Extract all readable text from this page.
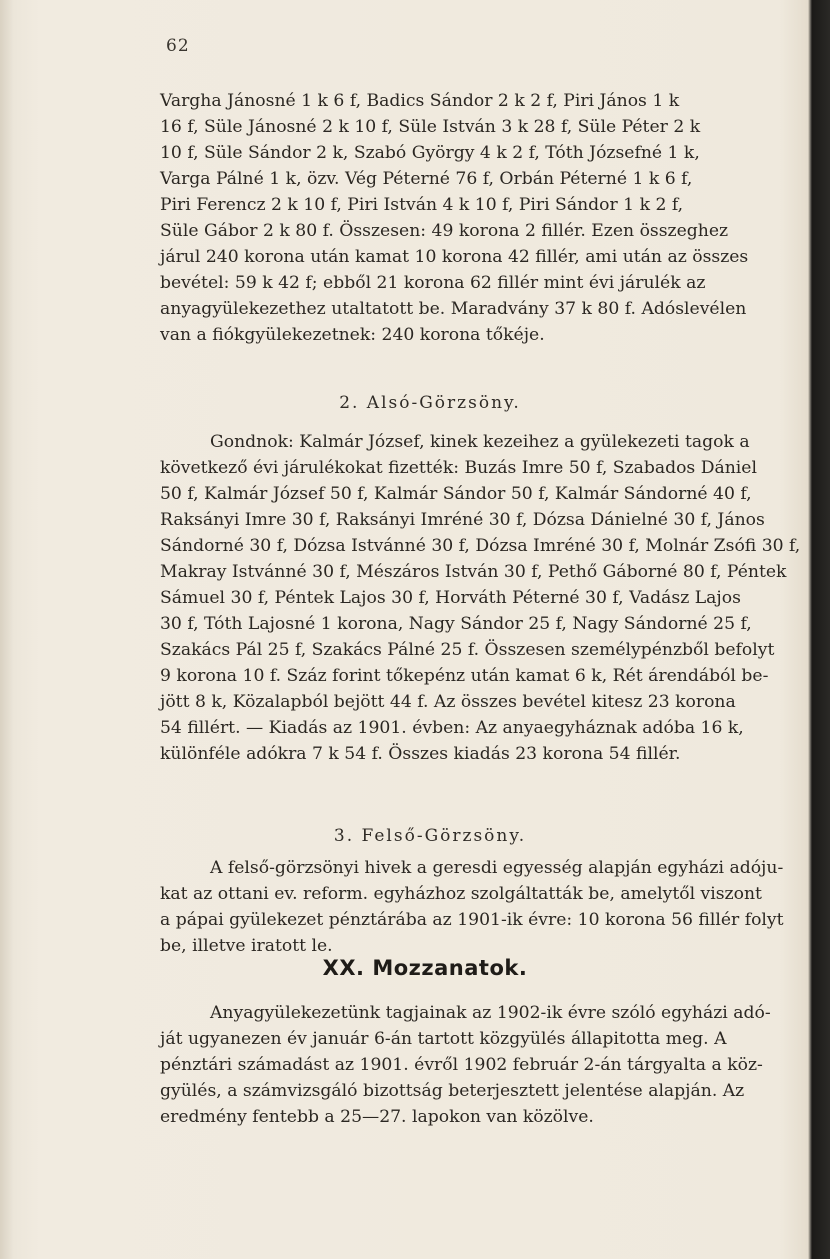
62

Vargha Jánosné 1 k 6 f, Badics Sándor 2 k 2 f, Piri János 1 k

16 f, Süle Jánosné 2 k 10 f, Süle István 3 k 28 f, Süle Péter 2 k

10 f, Süle Sándor 2 k, Szabó György 4 k 2 f, Tóth Józsefné 1 k,

Varga Pálné 1 k, özv. Vég Péterné 76 f, Orbán Péterné 1 k 6 f,

Piri Ferencz 2 k 10 f, Piri István 4 k 10 f, Piri Sándor 1 k 2 f,

Süle Gábor 2 k 80 f. Összesen: 49 korona 2 fillér. Ezen összeghez

járul 240 korona után kamat 10 korona 42 fillér, ami után az összes

bevétel: 59 k 42 f; ebből 21 korona 62 fillér mint évi járulék az

anyagyülekezethez utaltatott be. Maradvány 37 k 80 f. Adóslevélen

van a fiókgyülekezetnek: 240 korona tőkéje.

2. Alsó-Görzsöny.

Gondnok: Kalmár József, kinek kezeihez a gyülekezeti tagok a

következő évi járulékokat fizették: Buzás Imre 50 f, Szabados Dániel

50 f, Kalmár József 50 f, Kalmár Sándor 50 f, Kalmár Sándorné 40 f,

Raksányi Imre 30 f, Raksányi Imréné 30 f, Dózsa Dánielné 30 f, János

Sándorné 30 f, Dózsa Istvánné 30 f, Dózsa Imréné 30 f, Molnár Zsófi 30 f,

Makray Istvánné 30 f, Mészáros István 30 f, Pethő Gáborné 80 f, Péntek

Sámuel 30 f, Péntek Lajos 30 f, Horváth Péterné 30 f, Vadász Lajos

30 f, Tóth Lajosné 1 korona, Nagy Sándor 25 f, Nagy Sándorné 25 f,

Szakács Pál 25 f, Szakács Pálné 25 f. Összesen személypénzből befolyt

9 korona 10 f. Száz forint tőkepénz után kamat 6 k, Rét árendából be-

jött 8 k, Közalapból bejött 44 f. Az összes bevétel kitesz 23 korona

54 fillért. — Kiadás az 1901. évben: Az anyaegyháznak adóba 16 k,

különféle adókra 7 k 54 f. Összes kiadás 23 korona 54 fillér.

3. Felső-Görzsöny.

A felső-görzsönyi hivek a geresdi egyesség alapján egyházi adóju-

kat az ottani ev. reform. egyházhoz szolgáltatták be, amelytől viszont

a pápai gyülekezet pénztárába az 1901-ik évre: 10 korona 56 fillér folyt

be, illetve iratott le.

XX. Mozzanatok.

Anyagyülekezetünk tagjainak az 1902-ik évre szóló egyházi adó-

ját ugyanezen év január 6-án tartott közgyülés állapitotta meg. A

pénztári számadást az 1901. évről 1902 február 2-án tárgyalta a köz-

gyülés, a számvizsgáló bizottság beterjesztett jelentése alapján. Az

eredmény fentebb a 25—27. lapokon van közölve.
